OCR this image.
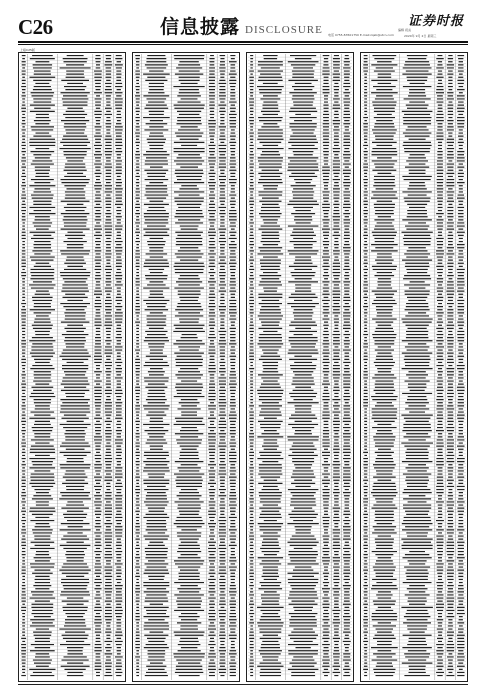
C26	信息披露 DISCLOSURE	编辑 祝炎
电话 0755-83501750 E-mail:zqsb@stcn.com
证券时报
2020年 9月 2日 星期三
上接C25版
